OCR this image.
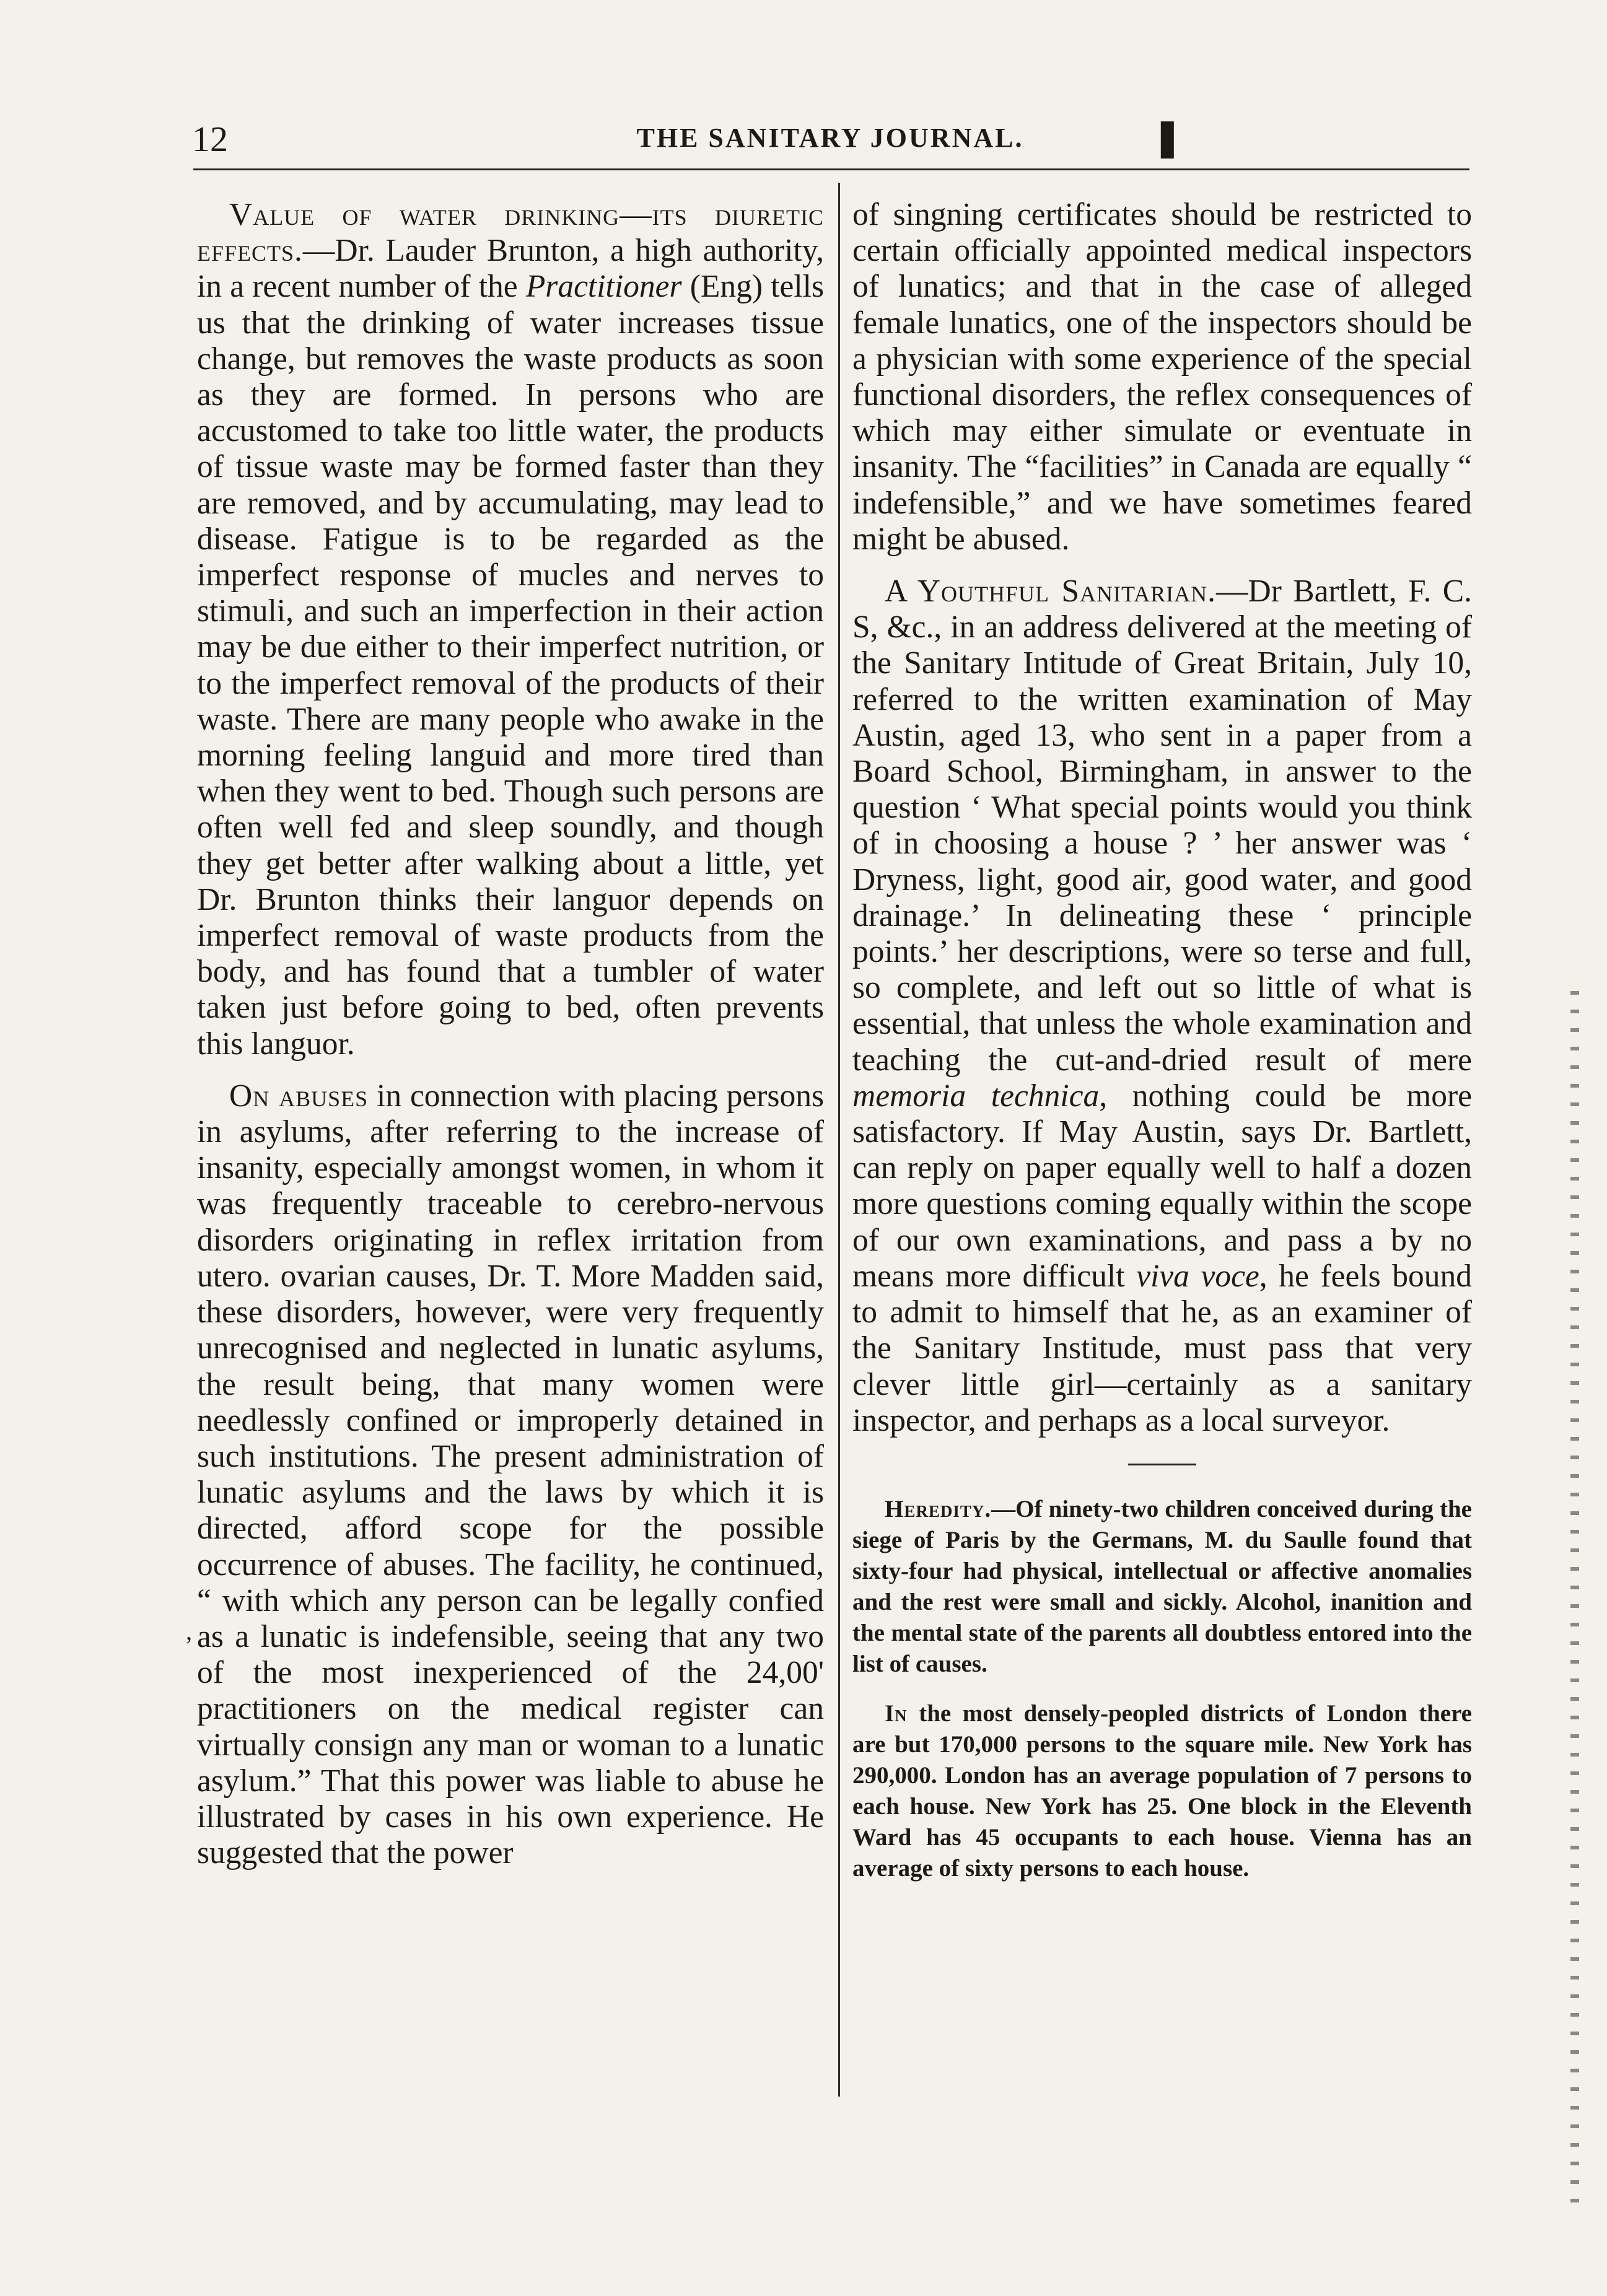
12	THE SANITARY JOURNAL.	❚

Value of water drinking—its diuretic effects.—Dr. Lauder Brunton, a high authority, in a recent number of the Practitioner (Eng) tells us that the drinking of water increases tissue change, but removes the waste products as soon as they are formed. In persons who are accustomed to take too little water, the products of tissue waste may be formed faster than they are removed, and by accumulating, may lead to disease. Fatigue is to be regarded as the imperfect response of mucles and nerves to stimuli, and such an imperfection in their action may be due either to their imperfect nutrition, or to the imperfect removal of the products of their waste. There are many people who awake in the morning feeling languid and more tired than when they went to bed. Though such persons are often well fed and sleep soundly, and though they get better after walking about a little, yet Dr. Brunton thinks their languor depends on imperfect removal of waste products from the body, and has found that a tumbler of water taken just before going to bed, often prevents this languor.

On abuses in connection with placing persons in asylums, after referring to the increase of insanity, especially amongst women, in whom it was frequently traceable to cerebro-nervous disorders originating in reflex irritation from utero. ovarian causes, Dr. T. More Madden said, these disorders, however, were very frequently unrecognised and neglected in lunatic asylums, the result being, that many women were needlessly confined or improperly detained in such institutions. The present administration of lunatic asylums and the laws by which it is directed, afford scope for the possible occurrence of abuses. The facility, he continued, “ with which any person can be legally confied as a lunatic is indefensible, seeing that any two of the most inexperienced of the 24,00' practitioners on the medical register can virtually consign any man or woman to a lunatic asylum.” That this power was liable to abuse he illustrated by cases in his own experience. He suggested that the power

of singning certificates should be restricted to certain officially appointed medical inspectors of lunatics; and that in the case of alleged female lunatics, one of the inspectors should be a physician with some experience of the special functional disorders, the reflex consequences of which may either simulate or eventuate in insanity. The “facilities” in Canada are equally “ indefensible,” and we have sometimes feared might be abused.

A Youthful Sanitarian.—Dr Bartlett, F. C. S, &c., in an address delivered at the meeting of the Sanitary Intitude of Great Britain, July 10, referred to the written examination of May Austin, aged 13, who sent in a paper from a Board School, Birmingham, in answer to the question ‘ What special points would you think of in choosing a house ? ’ her answer was ‘ Dryness, light, good air, good water, and good drainage.’ In delineating these ‘ principle points.’ her descriptions, were so terse and full, so complete, and left out so little of what is essential, that unless the whole examination and teaching the cut-and-dried result of mere memoria technica, nothing could be more satisfactory. If May Austin, says Dr. Bartlett, can reply on paper equally well to half a dozen more questions coming equally within the scope of our own examinations, and pass a by no means more difficult viva voce, he feels bound to admit to himself that he, as an examiner of the Sanitary Institude, must pass that very clever little girl—certainly as a sanitary inspector, and perhaps as a local surveyor.

Heredity.—Of ninety-two children conceived during the siege of Paris by the Germans, M. du Saulle found that sixty-four had physical, intellectual or affective anomalies and the rest were small and sickly. Alcohol, inanition and the mental state of the parents all doubtless entored into the list of causes.

In the most densely-peopled districts of London there are but 170,000 persons to the square mile. New York has 290,000. London has an average population of 7 persons to each house. New York has 25. One block in the Eleventh Ward has 45 occupants to each house. Vienna has an average of sixty persons to each house.

,
